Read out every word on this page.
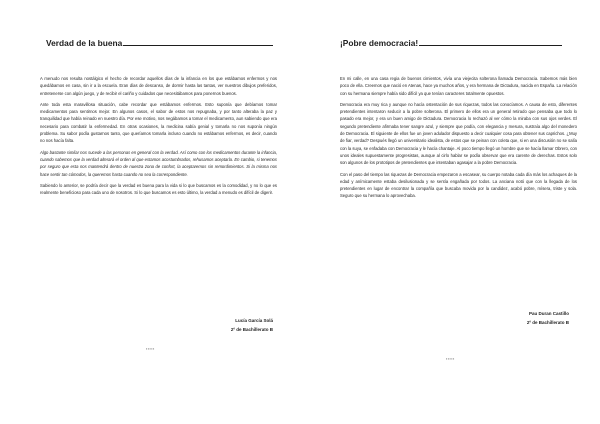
Verdad de la buena

A menudo nos resulta nostálgico el hecho de recordar aquellos días de la infancia en los que estábamos enfermos y nos quedábamos en casa, sin ir a la escuela. Eran días de descanso, de dormir hasta las tantas, ver nuestros dibujos preferidos, entretenerse con algún juego, y de recibir el cariño y cuidados que necesitábamos para ponernos buenos.

Ante toda esta maravillosa situación, cabe recordar que estábamos enfermos. Esto suponía que debíamos tomar medicamentos para sentirnos mejor. En algunos casos, el sabor de estos nos repugnaba, y por tanto alteraba la paz y tranquilidad que había reinado en nuestro día. Por ese motivo, nos negábamos a tomar el medicamento, aun sabiendo que era necesario para combatir la enfermedad. En otras ocasiones, la medicina sabía genial y tomarla no nos suponía ningún problema. Su sabor podía gustarnos tanto, que queríamos tomarla incluso cuando no estábamos enfermos, es decir, cuando no nos hacía falta.

Algo bastante similar nos sucede a las personas en general con la verdad. Así como con los medicamentos durante la infancia, cuando sabemos que la verdad alterará el orden al que estamos acostumbrados, rehusamos aceptarla. En cambio, si tenemos por seguro que esta nos mantendrá dentro de nuestra zona de confort, la aceptaremos sin remordimientos. Si la misma nos hace sentir tan cómodos, la queremos hasta cuando no sea la correspondiente.

Sabiendo lo anterior, se podría decir que la verdad es buena para la vida si lo que buscamos es la comodidad, y no lo que es realmente beneficioso para cada uno de nosotros. Si lo que buscamos es esto último, la verdad a menudo es difícil de digerir.

Lucía García Solá
2º de Bachillerato B
▪▪▪▪▪
¡Pobre democracia!

En mi calle, en una casa regia de buenos cimientos, vivía una viejecita solterona llamada Democracia. Sabemos más bien poco de ella. Creemos que nació en Atenas, hace ya muchos años, y era hermana de Dictadura, nacida en España. La relación con su hermana siempre había sido difícil ya que tenían caracteres totalmente opuestos.

Democracia era muy rica y aunque no hacía ostentación de sus riquezas, todos las conocíamos. A causa de esto, diferentes pretendientes intentaron seducir a la pobre solterona. El primero de ellos era un general retirado que pensaba que todo lo pasado era mejor, y era un buen amigo de Dictadura. Democracia lo rechazó al ver cómo la miraba con sus ojos verdes. El segundo pretendiente afirmaba tener sangre azul, y siempre que podía, con elegancia y mesura, sustraía algo del monedero de Democracia. El siguiente de ellos fue un joven adulador dispuesto a decir cualquier cosa para obtener sus caprichos. ¿Muy de fiar, verdad? Después llegó un universitario idealista, de estos que se peinan con coleta que, si en una discusión no se salía con la suya, se enfadaba con Democracia y le hacía chantaje. Al poco tiempo llegó un hombre que se hacía llamar Obrero, con unos ideales supuestamente progresistas, aunque al cirlo hablar se podía observar que era carente de derechas. Estos solo son algunos de los prototipos de pretendientes que intentaban agasajar a la pobre Democracia.

Con el paso del tiempo las riquezas de Democracia empezaron a escasear, su cuerpo notaba cada día más los achaques de la edad y anímicamente estaba desilusionada y se sentía engañada por todos. La anciana notó que con la llegada de los pretendientes en lugar de encontrar la compañía que buscaba movida por la candidez, acabó pobre, mísera, triste y sola. Seguro que su hermana lo aprovechaba.

Pau Duran Castillo
2º de Bachillerato B
▪▪▪▪▪
